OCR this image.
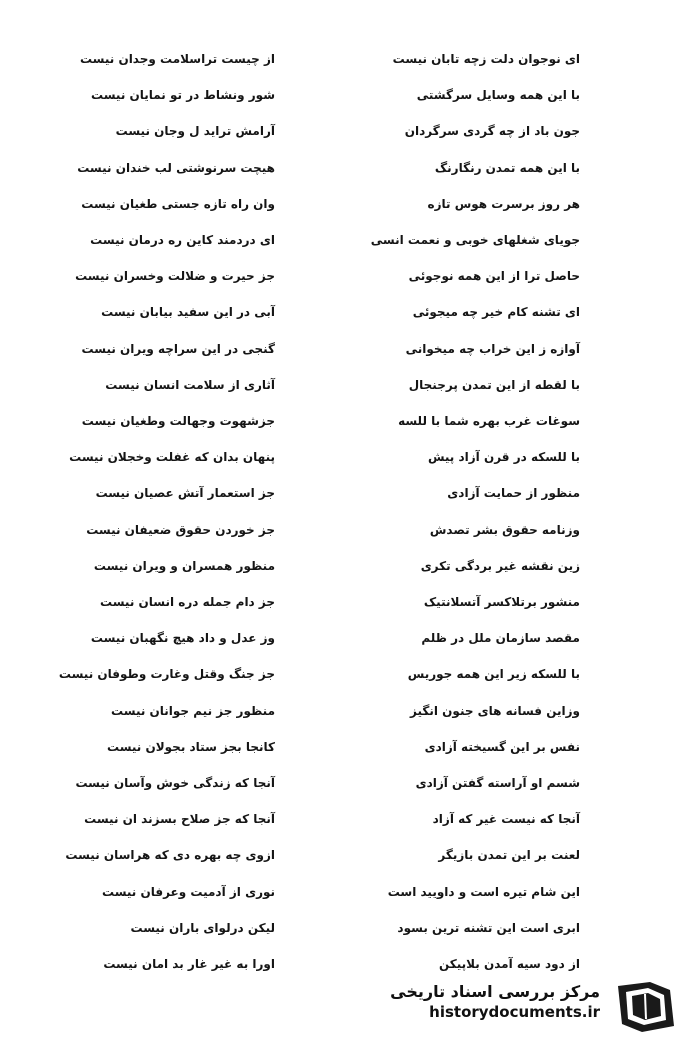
ای نوجوان دلت زچه تابان نیست
با این همه وسایل سرگشتی
جون باد از چه گردی سرگردان
با این همه تمدن رنگارنگ
هر روز برسرت هوس تازه
جویای شغلهای خوبی و نعمت انسی
حاصل ترا از این همه نوجوئی
ای تشنه کام خیر چه میجوئی
آوازه ز این خراب چه میخوانی
با لقطه از این تمدن پرجنجال
سوغات غرب بهره شما با للسه
با للسکه در قرن آزاد پیش
منظور از حمایت آزادی
وزنامه حقوق بشر تصدش
زین نقشه غیر بردگی تکری
منشور برتلاکسر آتسلانتیک
مقصد سازمان ملل در ظلم
با للسکه زیر این همه جوریس
وزاین فسانه های جنون انگیز
نفس بر این گسیخته آزادی
شسم او آراسته گفتن آزادی
آنجا که نیست غیر که آزاد
لعنت بر این تمدن بازیگر
این شام تیره است و داویید است
ابری است این تشنه ترین بسود
از دود سیه آمدن بلاپیکن
از چیست تراسلامت وجدان نیست
شور ونشاط در تو نمایان نیست
آرامش تراید ل وجان نیست
هیچت سرنوشتی لب خندان نیست
وان راه تازه جستی طغیان نیست
ای دردمند کاین ره درمان نیست
جز حیرت و ضلالت وخسران نیست
آبی در این سفید بیابان نیست
گنجی در این سراچه ویران نیست
آثاری از سلامت انسان نیست
جزشهوت وجهالت وطغیان نیست
پنهان بدان که غفلت وخجلان نیست
جز استعمار آتش عصیان نیست
جز خوردن حقوق ضعیفان نیست
منظور همسران و ویران نیست
جز دام جمله دره انسان نیست
وز عدل و داد هیچ نگهبان نیست
جز جنگ وقتل وغارت وطوفان نیست
منظور جز نیم جوانان نیست
کانجا بجز ستاد بجولان نیست
آنجا که زندگی خوش وآسان نیست
آنجا که جز صلاح بسزند ان نیست
ازوی چه بهره دی که هراسان نیست
نوری از آدمیت وعرفان نیست
لیکن درلوای باران نیست
اورا به غیر غار بد امان نیست
مرکز بررسی اسناد تاریخی
historydocuments.ir
